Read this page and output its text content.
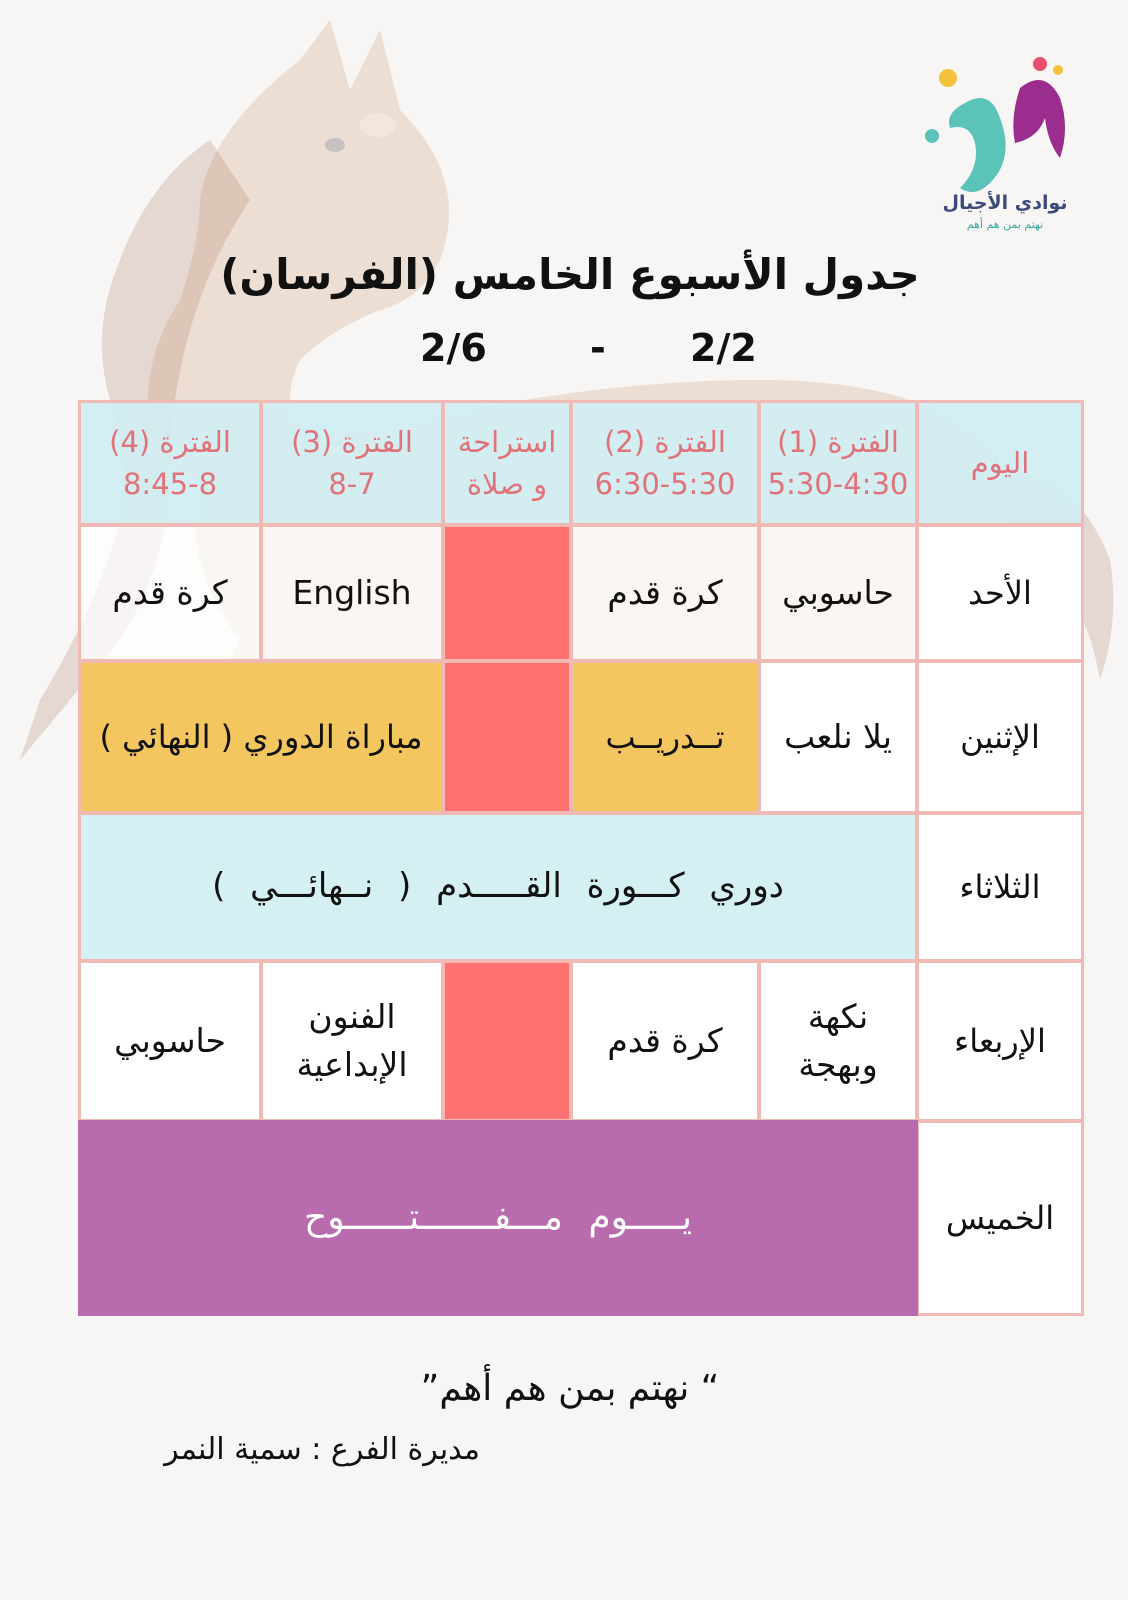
نوادي الأجيال
نهتم بمن هم أهم
جدول الأسبوع الخامس (الفرسان)
2/2
-
2/6
اليوم
الفترة (1)
5:30-4:30
الفترة (2)
6:30-5:30
استراحة
و صلاة
الفترة (3)
8-7
الفترة (4)
8:45-8
الأحد
حاسوبي
كرة قدم
English
كرة قدم
الإثنين
يلا نلعب
تــدريــب
مباراة الدوري ( النهائي )
الثلاثاء
دوري كـــورة القـــــدم ( نــهائـــي )
الإربعاء
نكهة وبهجة
كرة قدم
الفنون الإبداعية
حاسوبي
الخميس
يـــــوم مـــفـــــــتــــــوح
“ نهتم بمن هم أهم”
مديرة الفرع : سمية النمر
